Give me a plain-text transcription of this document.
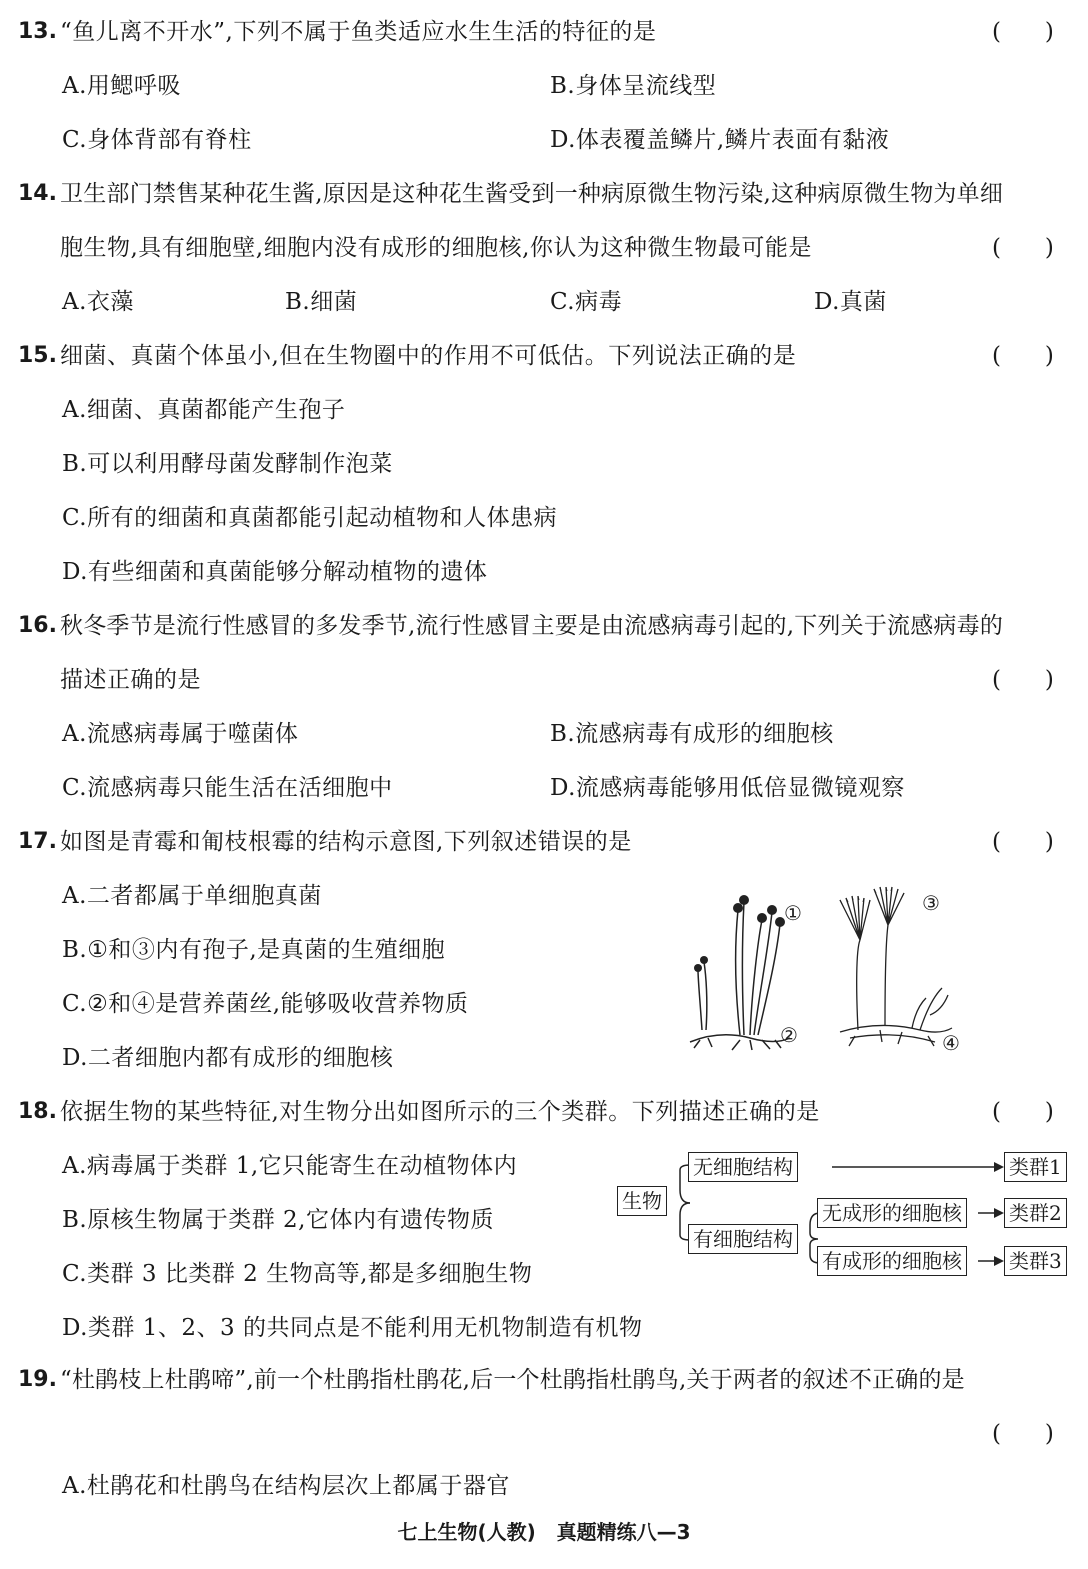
13. “鱼儿离不开水”,下列不属于鱼类适应水生生活的特征的是	(      )
A.用鳃呼吸	B.身体呈流线型
C.身体背部有脊柱	D.体表覆盖鳞片,鳞片表面有黏液
14. 卫生部门禁售某种花生酱,原因是这种花生酱受到一种病原微生物污染,这种病原微生物为单细
胞生物,具有细胞壁,细胞内没有成形的细胞核,你认为这种微生物最可能是	(      )
A.衣藻	B.细菌	C.病毒	D.真菌
15. 细菌、真菌个体虽小,但在生物圈中的作用不可低估。下列说法正确的是	(      )
A.细菌、真菌都能产生孢子
B.可以利用酵母菌发酵制作泡菜
C.所有的细菌和真菌都能引起动植物和人体患病
D.有些细菌和真菌能够分解动植物的遗体
16. 秋冬季节是流行性感冒的多发季节,流行性感冒主要是由流感病毒引起的,下列关于流感病毒的
描述正确的是	(      )
A.流感病毒属于噬菌体	B.流感病毒有成形的细胞核
C.流感病毒只能生活在活细胞中	D.流感病毒能够用低倍显微镜观察
17. 如图是青霉和匍枝根霉的结构示意图,下列叙述错误的是	(      )
A.二者都属于单细胞真菌
B.①和③内有孢子,是真菌的生殖细胞
C.②和④是营养菌丝,能够吸收营养物质
D.二者细胞内都有成形的细胞核
①
②
③
④
18. 依据生物的某些特征,对生物分出如图所示的三个类群。下列描述正确的是	(      )
A.病毒属于类群 1,它只能寄生在动植物体内
B.原核生物属于类群 2,它体内有遗传物质
C.类群 3 比类群 2 生物高等,都是多细胞生物
D.类群 1、2、3 的共同点是不能利用无机物制造有机物
生物
无细胞结构
有细胞结构
无成形的细胞核
有成形的细胞核
类群1
类群2
类群3
19. “杜鹃枝上杜鹃啼”,前一个杜鹃指杜鹃花,后一个杜鹃指杜鹃鸟,关于两者的叙述不正确的是
(      )
A.杜鹃花和杜鹃鸟在结构层次上都属于器官
七上生物(人教)   真题精练八—3
